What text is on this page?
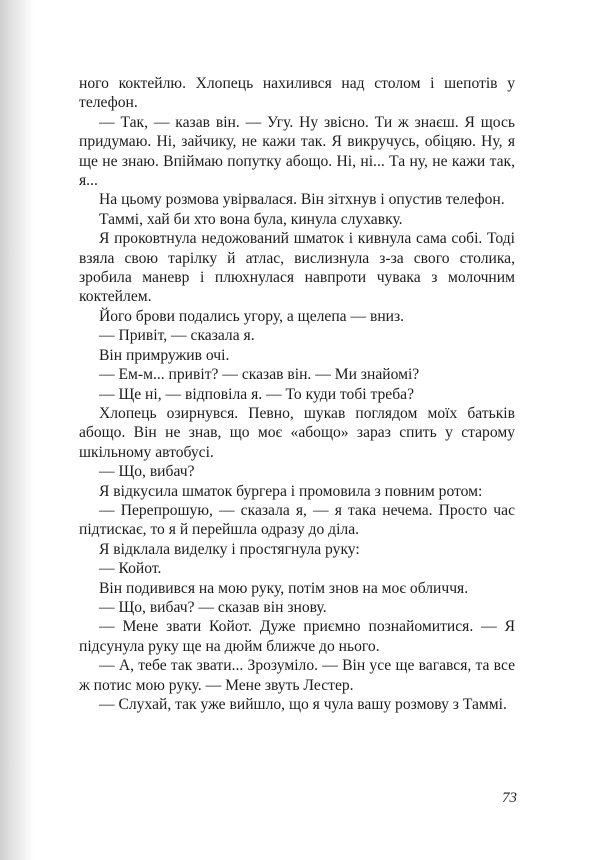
ного коктейлю. Хлопець нахилився над столом і шепотів у телефон.

— Так, — казав він. — Угу. Ну звісно. Ти ж знаєш. Я щось придумаю. Ні, зайчику, не кажи так. Я викручусь, обіцяю. Ну, я ще не знаю. Впіймаю попутку абощо. Ні, ні... Та ну, не кажи так, я...

На цьому розмова увірвалася. Він зітхнув і опустив телефон.

Таммі, хай би хто вона була, кинула слухавку.

Я проковтнула недожований шматок і кивнула сама собі. Тоді взяла свою тарілку й атлас, вислизнула з-за свого столика, зробила маневр і плюхнулася навпроти чувака з молочним коктейлем.

Його брови подались угору, а щелепа — вниз.

— Привіт, — сказала я.

Він примружив очі.

— Ем-м... привіт? — сказав він. — Ми знайомі?

— Ще ні, — відповіла я. — То куди тобі треба?

Хлопець озирнувся. Певно, шукав поглядом моїх батьків абощо. Він не знав, що моє «абощо» зараз спить у старому шкільному автобусі.

— Що, вибач?

Я відкусила шматок бургера і промовила з повним ротом:

— Перепрошую, — сказала я, — я така нечема. Просто час підтискає, то я й перейшла одразу до діла.

Я відклала виделку і простягнула руку:

— Койот.

Він подивився на мою руку, потім знов на моє обличчя.

— Що, вибач? — сказав він знову.

— Мене звати Койот. Дуже приємно познайомитися. — Я підсунула руку ще на дюйм ближче до нього.

— А, тебе так звати... Зрозуміло. — Він усе ще вагався, та все ж потис мою руку. — Мене звуть Лестер.

— Слухай, так уже вийшло, що я чула вашу розмову з Таммі.

73
